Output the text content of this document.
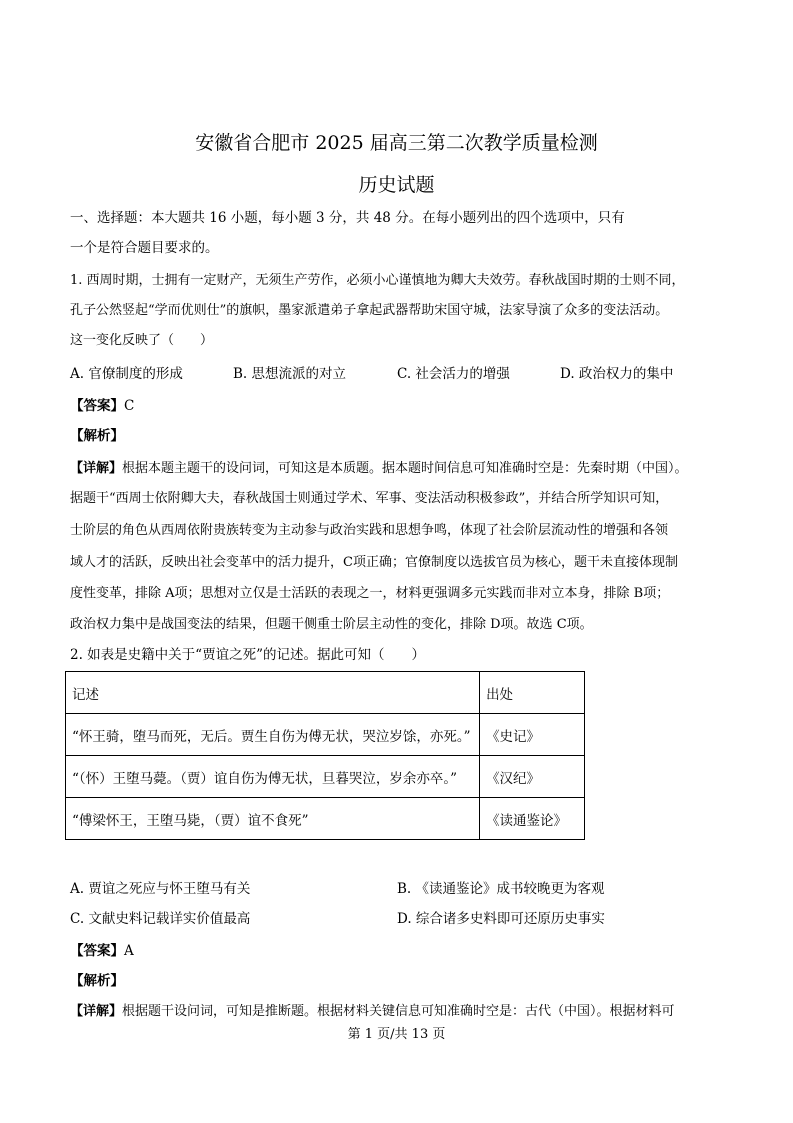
安徽省合肥市 2025 届高三第二次教学质量检测
历史试题
一、选择题：本大题共 16 小题，每小题 3 分，共 48 分。在每小题列出的四个选项中，只有
一个是符合题目要求的。
1. 西周时期，士拥有一定财产，无须生产劳作，必须小心谨慎地为卿大夫效劳。春秋战国时期的士则不同，
孔子公然竖起“学而优则仕”的旗帜，墨家派遣弟子拿起武器帮助宋国守城，法家导演了众多的变法活动。
这一变化反映了（　　）
A. 官僚制度的形成	B. 思想流派的对立	C. 社会活力的增强	D. 政治权力的集中
【答案】C
【解析】
【详解】根据本题主题干的设问词，可知这是本质题。据本题时间信息可知准确时空是：先秦时期（中国）。
据题干“西周士依附卿大夫，春秋战国士则通过学术、军事、变法活动积极参政”，并结合所学知识可知，
士阶层的角色从西周依附贵族转变为主动参与政治实践和思想争鸣，体现了社会阶层流动性的增强和各领
域人才的活跃，反映出社会变革中的活力提升，C项正确；官僚制度以选拔官员为核心，题干未直接体现制
度性变革，排除 A项；思想对立仅是士活跃的表现之一，材料更强调多元实践而非对立本身，排除 B项；
政治权力集中是战国变法的结果，但题干侧重士阶层主动性的变化，排除 D项。故选 C项。
2. 如表是史籍中关于“贾谊之死”的记述。据此可知（　　）
记述	出处
“怀王骑，堕马而死，无后。贾生自伤为傅无状，哭泣岁馀，亦死。”	《史记》
“（怀）王堕马薨。（贾）谊自伤为傅无状，旦暮哭泣，岁余亦卒。”	《汉纪》
“傅梁怀王，王堕马毙，（贾）谊不食死”	《读通鉴论》
A. 贾谊之死应与怀王堕马有关	B. 《读通鉴论》成书较晚更为客观
C. 文献史料记载详实价值最高	D. 综合诸多史料即可还原历史事实
【答案】A
【解析】
【详解】根据题干设问词，可知是推断题。根据材料关键信息可知准确时空是：古代（中国）。根据材料可
第 1 页/共 13 页
